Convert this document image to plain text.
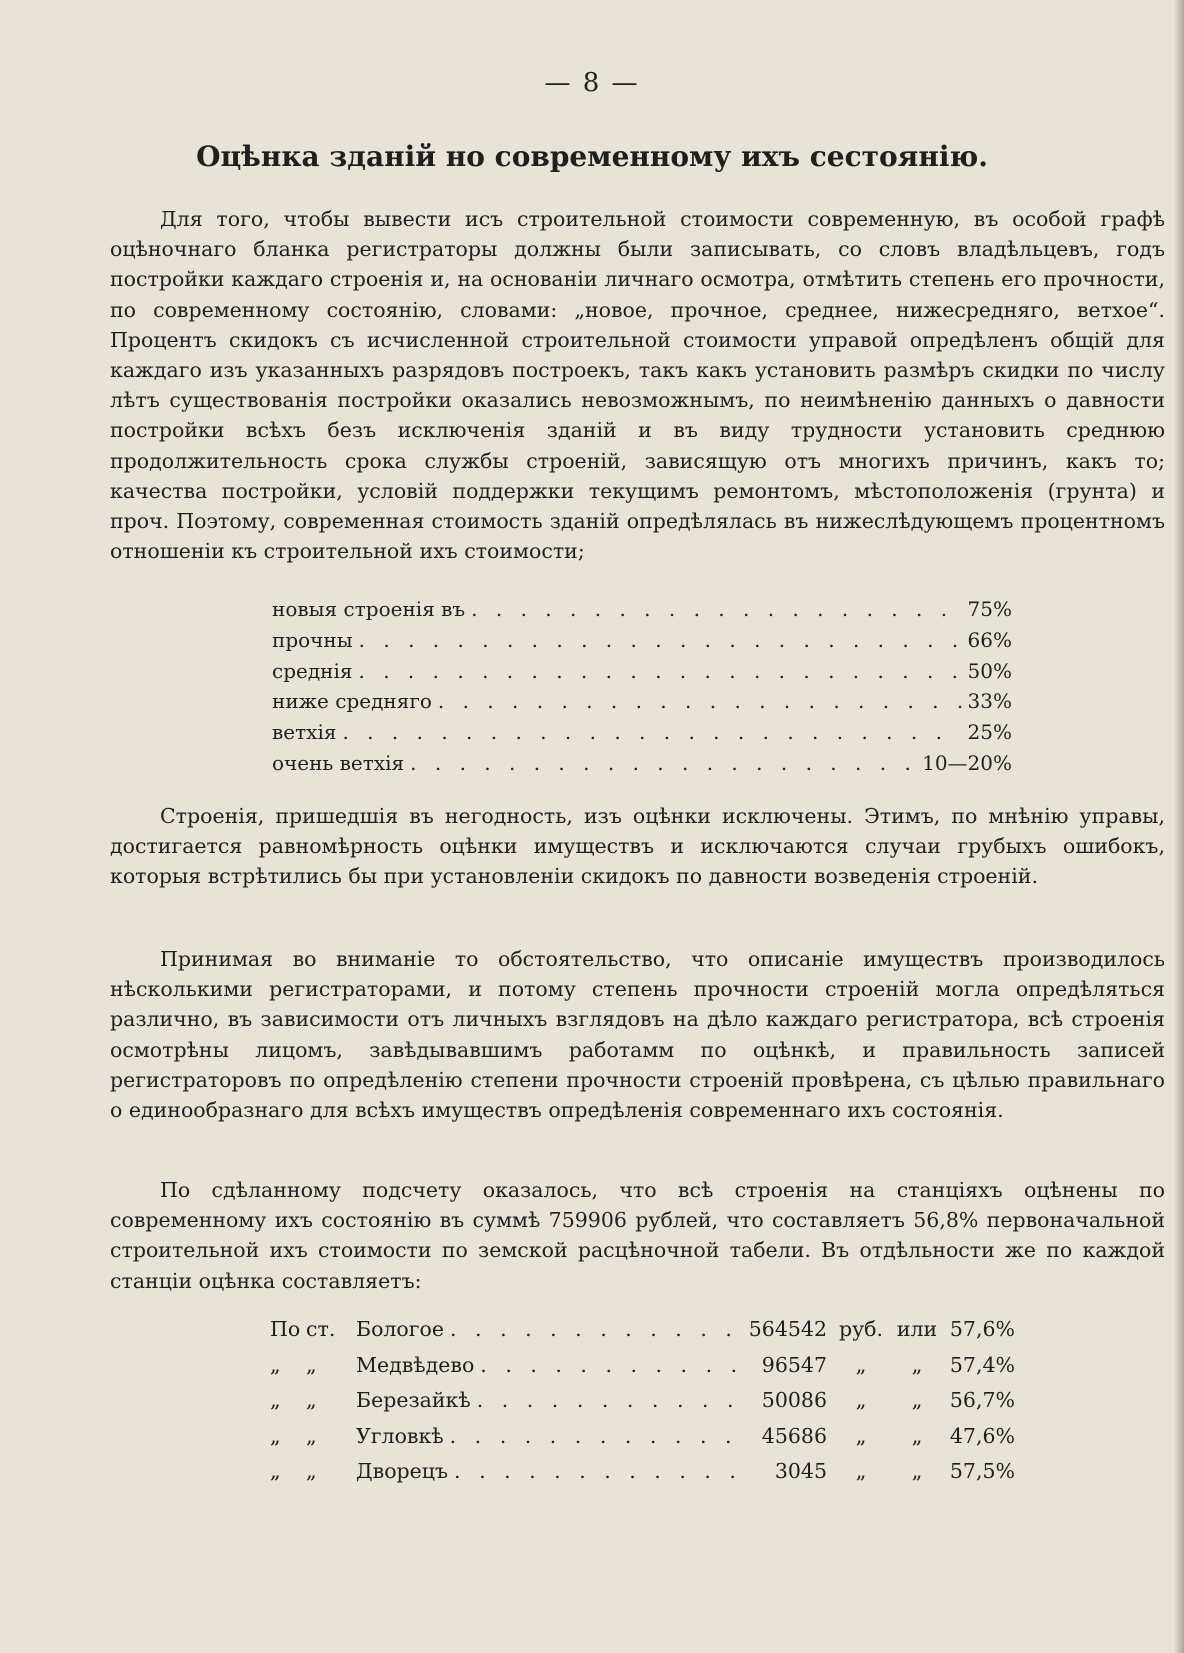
— 8 —
Оцѣнка зданій но современному ихъ сестоянію.

Для того, чтобы вывести исъ строительной стоимости современную, въ особой графѣ оцѣночнаго бланка регистраторы должны были записывать, со словъ владѣльцевъ, годъ постройки каждаго строенія и, на основаніи личнаго осмотра, отмѣтить степень его прочности, по современному состоянію, словами: „новое, прочное, среднее, нижесредняго, ветхое“. Процентъ скидокъ съ исчисленной строительной стоимости управой опредѣленъ общій для каждаго изъ указанныхъ разрядовъ построекъ, такъ какъ установить размѣръ скидки по числу лѣтъ существованія постройки оказались невозможнымъ, по неимѣненію данныхъ о давности постройки всѣхъ безъ исключенія зданій и въ виду трудности установить среднюю продолжительность срока службы строеній, зависящую отъ многихъ причинъ, какъ то; качества постройки, условій поддержки текущимъ ремонтомъ, мѣстоположенія (грунта) и проч. Поэтому, современная стоимость зданій опредѣлялась въ нижеслѣдующемъ процентномъ отношеніи къ строительной ихъ стоимости;

новыя строенія въ . . .	75%
прочны . . .	66%
среднія . . .	50%
ниже средняго . . .	33%
ветхія . . .	25%
очень ветхія . . .	10—20%

Строенія, пришедшія въ негодность, изъ оцѣнки исключены. Этимъ, по мнѣнію управы, достигается равномѣрность оцѣнки имуществъ и исключаются случаи грубыхъ ошибокъ, которыя встрѣтились бы при установленіи скидокъ по давности возведенія строеній.

Принимая во вниманіе то обстоятельство, что описаніе имуществъ производилось нѣсколькими регистраторами, и потому степень прочности строеній могла опредѣляться различно, въ зависимости отъ личныхъ взглядовъ на дѣло каждаго регистратора, всѣ строенія осмотрѣны лицомъ, завѣдывавшимъ работамм по оцѣнкѣ, и правильность записей регистраторовъ по опредѣленію степени прочности строеній провѣрена, съ цѣлью правильнаго о единообразнаго для всѣхъ имуществъ опредѣленія современнаго ихъ состоянія.

По сдѣланному подсчету оказалось, что всѣ строенія на станціяхъ оцѣнены по современному ихъ состоянію въ суммѣ 759906 рублей, что составляетъ 56,8% первоначальной строительной ихъ стоимости по земской расцѣночной табели. Въ отдѣльности же по каждой станціи оцѣнка составляетъ:

По ст.	Бологое . . .	564542 руб. или 57,6%
„ „	Медвѣдево . . .	96547	„	„	57,4%
„ „	Березайкѣ . . .	50086	„	„	56,7%
„ „	Угловкѣ . . .	45686	„	„	47,6%
„ „	Дворецъ . . .	3045	„	„	57,5%
